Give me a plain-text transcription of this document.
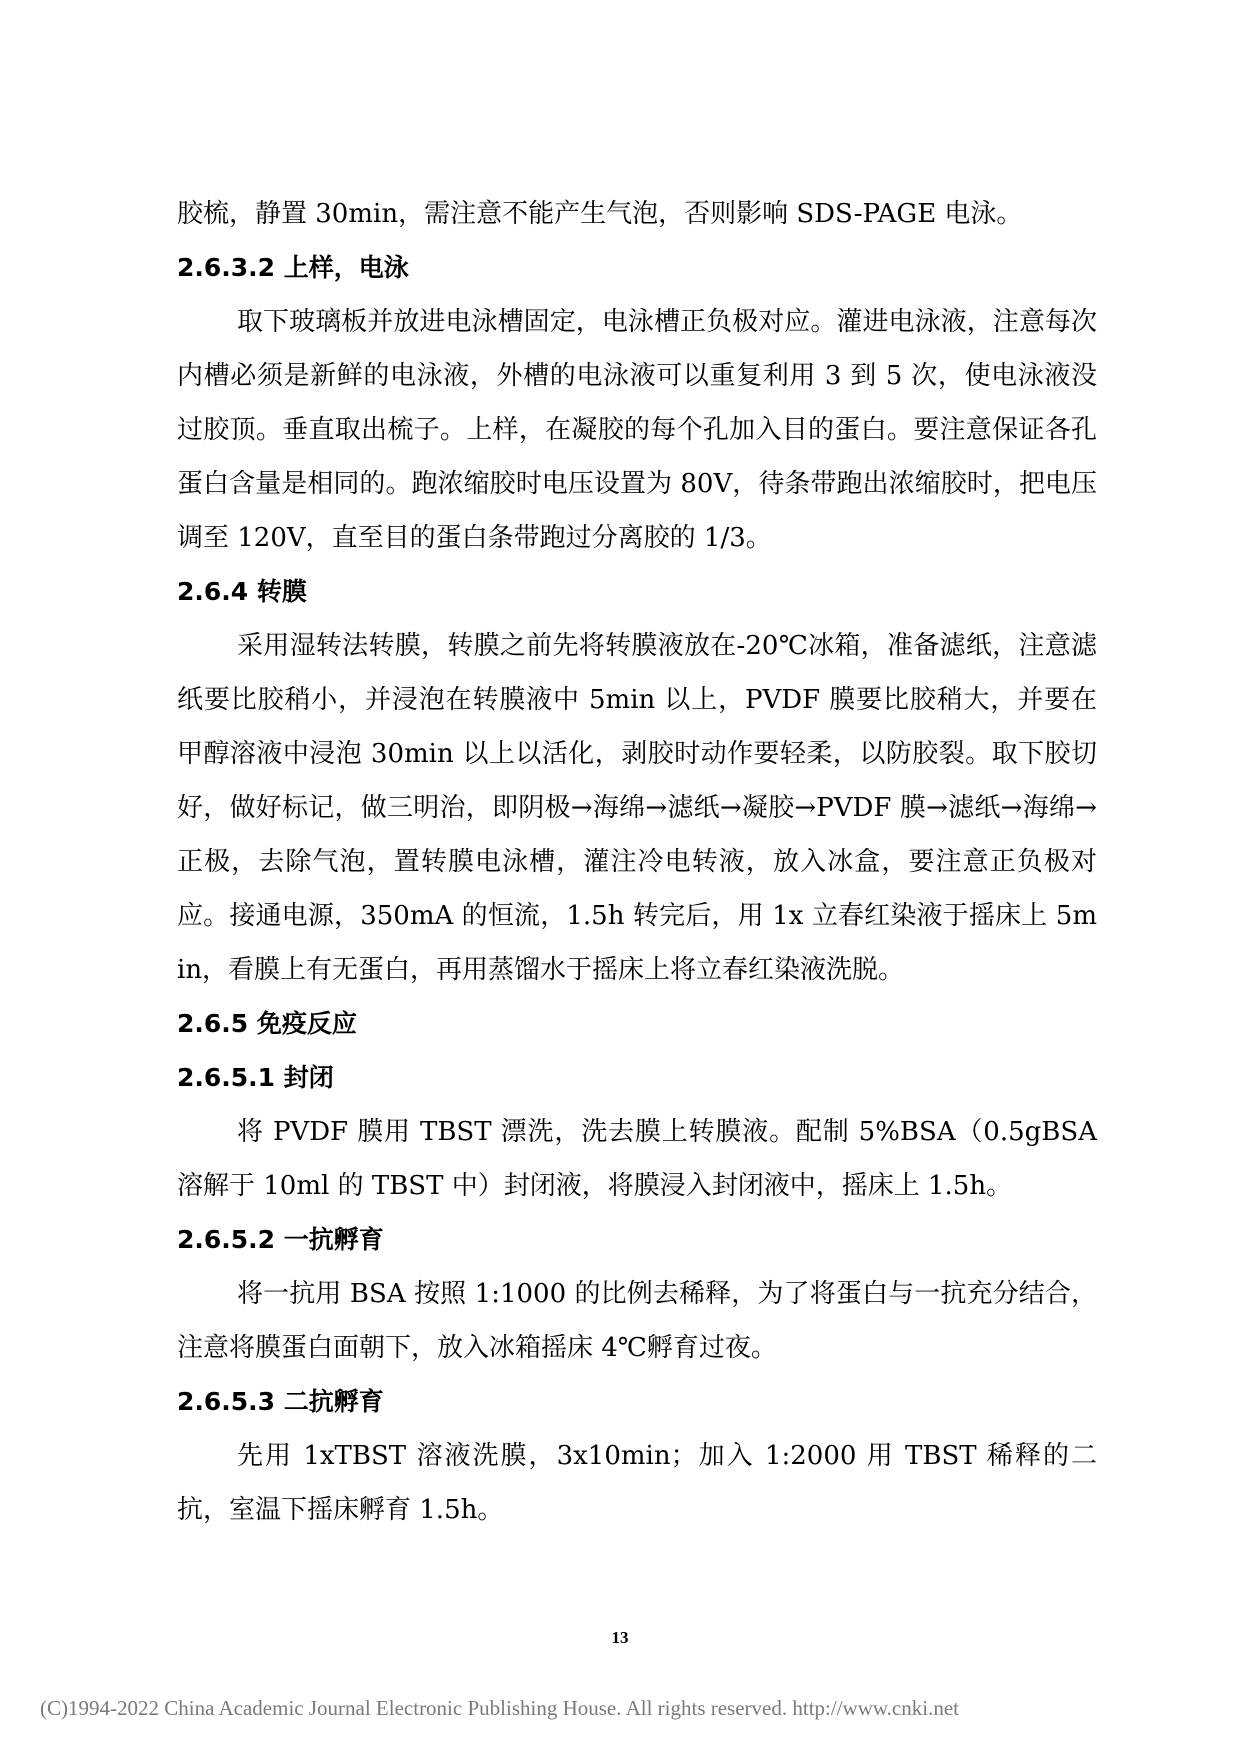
胶梳，静置 30min，需注意不能产生气泡，否则影响 SDS-PAGE 电泳。

2.6.3.2 上样，电泳

取下玻璃板并放进电泳槽固定，电泳槽正负极对应。灌进电泳液，注意每次内槽必须是新鲜的电泳液，外槽的电泳液可以重复利用 3 到 5 次，使电泳液没过胶顶。垂直取出梳子。上样，在凝胶的每个孔加入目的蛋白。要注意保证各孔蛋白含量是相同的。跑浓缩胶时电压设置为 80V，待条带跑出浓缩胶时，把电压调至 120V，直至目的蛋白条带跑过分离胶的 1/3。

2.6.4 转膜

采用湿转法转膜，转膜之前先将转膜液放在-20℃冰箱，准备滤纸，注意滤纸要比胶稍小，并浸泡在转膜液中 5min 以上，PVDF 膜要比胶稍大，并要在甲醇溶液中浸泡 30min 以上以活化，剥胶时动作要轻柔，以防胶裂。取下胶切好，做好标记，做三明治，即阴极→海绵→滤纸→凝胶→PVDF 膜→滤纸→海绵→正极，去除气泡，置转膜电泳槽，灌注冷电转液，放入冰盒，要注意正负极对应。接通电源，350mA 的恒流，1.5h 转完后，用 1x 立春红染液于摇床上 5min，看膜上有无蛋白，再用蒸馏水于摇床上将立春红染液洗脱。

2.6.5 免疫反应

2.6.5.1 封闭

将 PVDF 膜用 TBST 漂洗，洗去膜上转膜液。配制 5%BSA（0.5gBSA 溶解于 10ml 的 TBST 中）封闭液，将膜浸入封闭液中，摇床上 1.5h。

2.6.5.2 一抗孵育

将一抗用 BSA 按照 1:1000 的比例去稀释，为了将蛋白与一抗充分结合，注意将膜蛋白面朝下，放入冰箱摇床 4℃孵育过夜。

2.6.5.3 二抗孵育

先用 1xTBST 溶液洗膜，3x10min；加入 1:2000 用 TBST 稀释的二抗，室温下摇床孵育 1.5h。

13
(C)1994-2022 China Academic Journal Electronic Publishing House. All rights reserved. http://www.cnki.net
